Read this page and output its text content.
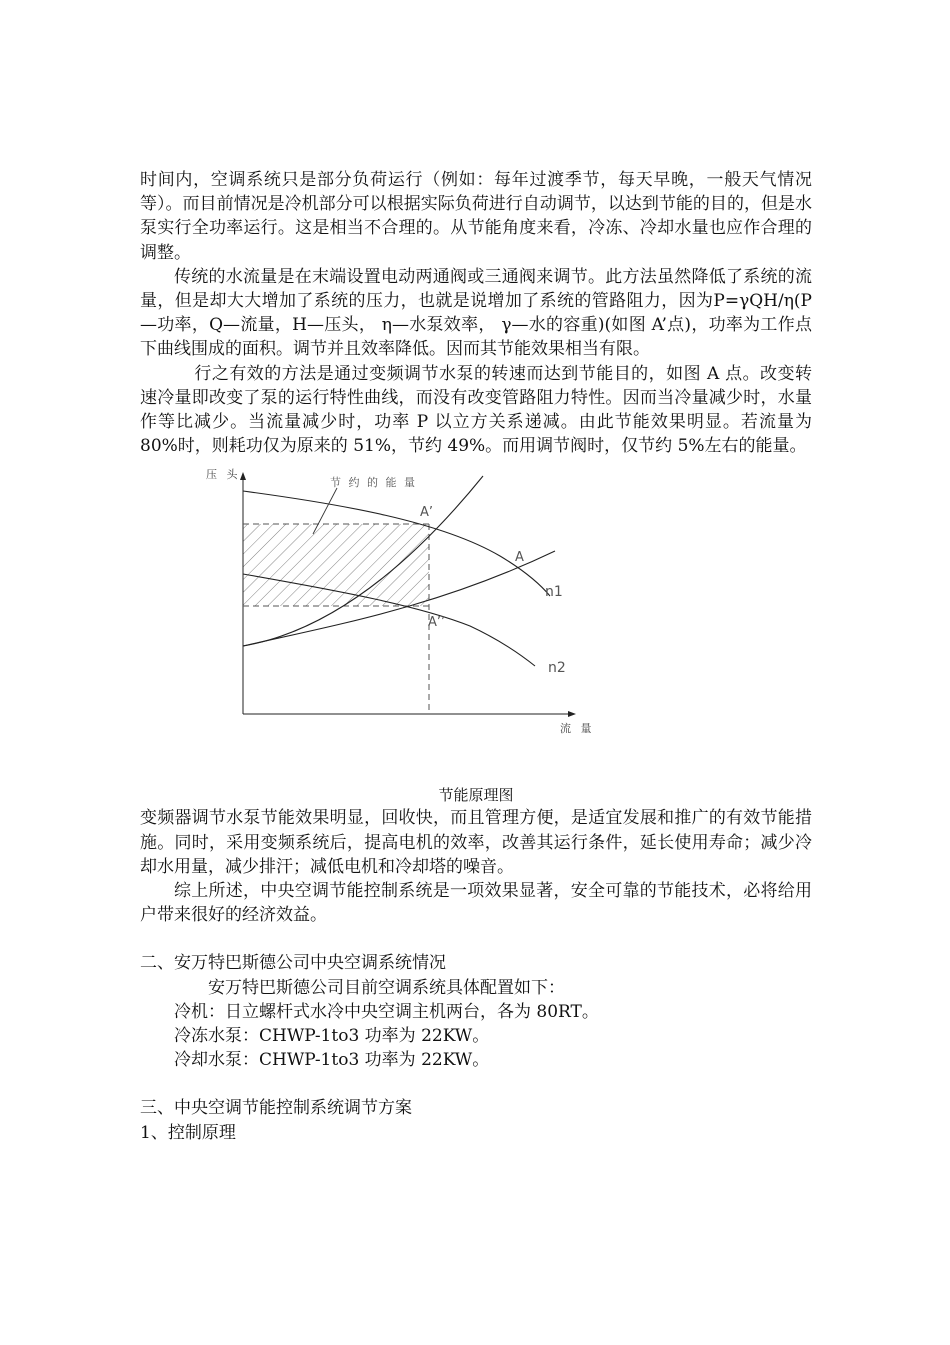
时间内，空调系统只是部分负荷运行（例如：每年过渡季节，每天早晚，一般天气情况等）。而目前情况是冷机部分可以根据实际负荷进行自动调节，以达到节能的目的，但是水泵实行全功率运行。这是相当不合理的。从节能角度来看，冷冻、冷却水量也应作合理的调整。

传统的水流量是在末端设置电动两通阀或三通阀来调节。此方法虽然降低了系统的流量，但是却大大增加了系统的压力，也就是说增加了系统的管路阻力，因为P=γQH/η(P—功率，Q—流量，H—压头， η—水泵效率， γ—水的容重)(如图 A’点)，功率为工作点下曲线围成的面积。调节并且效率降低。因而其节能效果相当有限。

行之有效的方法是通过变频调节水泵的转速而达到节能目的，如图 A 点。改变转速冷量即改变了泵的运行特性曲线，而没有改变管路阻力特性。因而当冷量减少时，水量作等比减少。当流量减少时，功率 P 以立方关系递减。由此节能效果明显。若流量为 80%时，则耗功仅为原来的 51%，节约 49%。而用调节阀时，仅节约 5%左右的能量。

压 头
流 量
节 约 的 能 量
A’
A
A’’
n1
n2

节能原理图

变频器调节水泵节能效果明显，回收快，而且管理方便，是适宜发展和推广的有效节能措施。同时，采用变频系统后，提高电机的效率，改善其运行条件，延长使用寿命；减少冷却水用量，减少排汗；减低电机和冷却塔的噪音。

综上所述，中央空调节能控制系统是一项效果显著，安全可靠的节能技术，必将给用户带来很好的经济效益。

二、安万特巴斯德公司中央空调系统情况

安万特巴斯德公司目前空调系统具体配置如下：

冷机：日立螺杆式水冷中央空调主机两台，各为 80RT。

冷冻水泵：CHWP-1to3 功率为 22KW。

冷却水泵：CHWP-1to3 功率为 22KW。

三、中央空调节能控制系统调节方案

1、控制原理
